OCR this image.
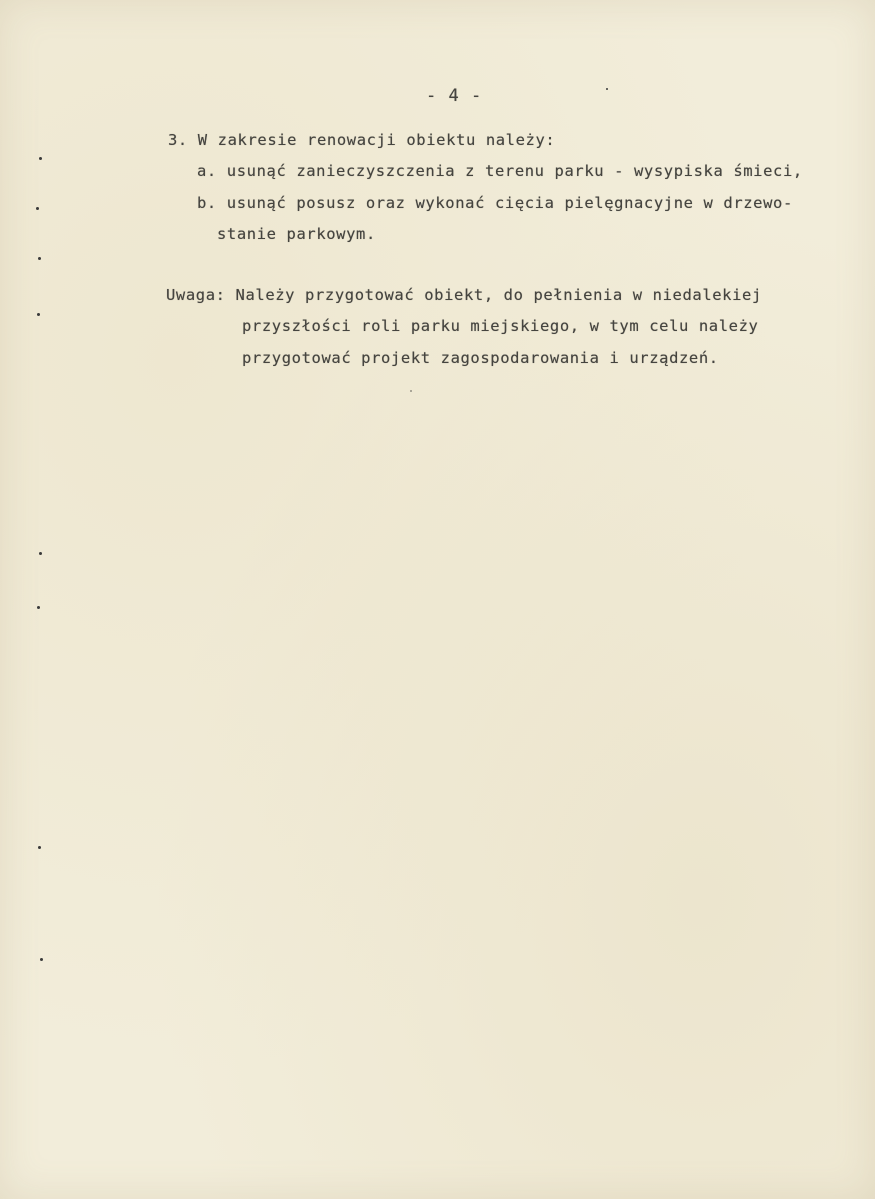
- 4 -
3. W zakresie renowacji obiektu należy:
a. usunąć zanieczyszczenia z terenu parku - wysypiska śmieci,
b. usunąć posusz oraz wykonać cięcia pielęgnacyjne w drzewo-
stanie parkowym.
Uwaga: Należy przygotować obiekt, do pełnienia w niedalekiej
przyszłości roli parku miejskiego, w tym celu należy
przygotować projekt zagospodarowania i urządzeń.
